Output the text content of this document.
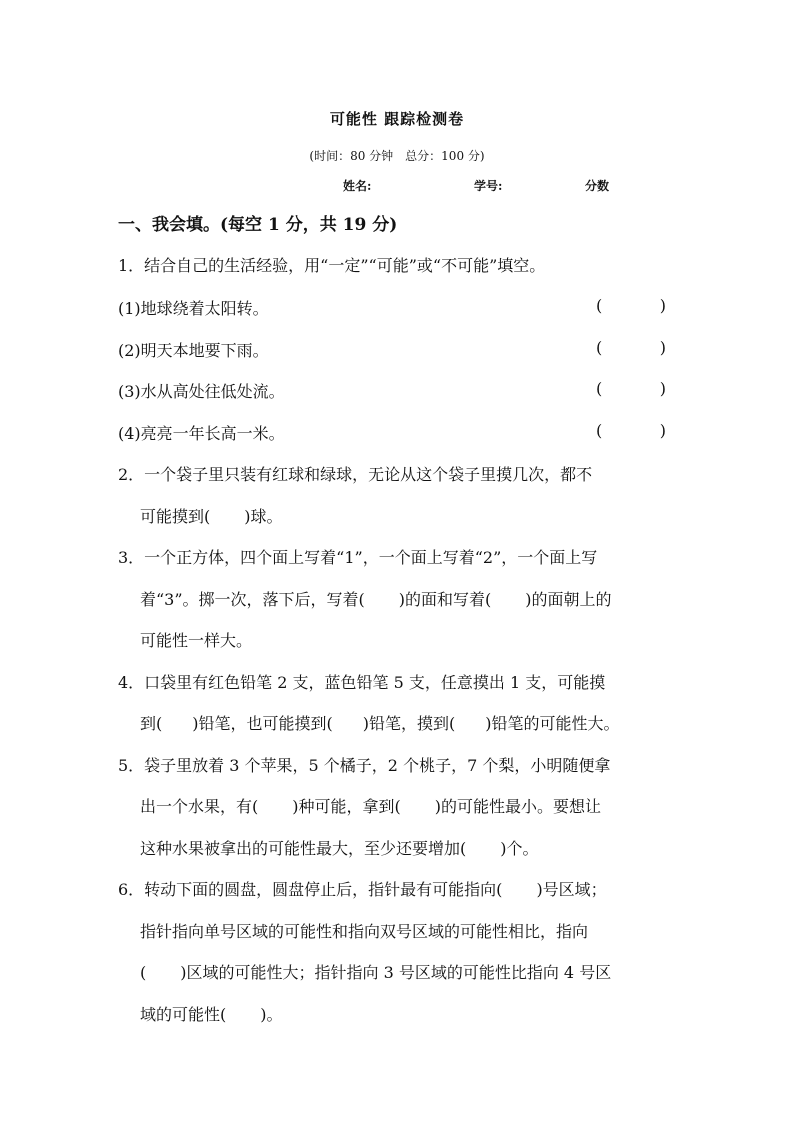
可能性 跟踪检测卷
(时间：80 分钟　总分：100 分)
姓名:	学号:	分数
一、我会填。(每空 1 分，共 19 分)
1．结合自己的生活经验，用“一定”“可能”或“不可能”填空。
(1)地球绕着太阳转。	(	)
(2)明天本地要下雨。	(	)
(3)水从高处往低处流。	(	)
(4)亮亮一年长高一米。	(	)
2．一个袋子里只装有红球和绿球，无论从这个袋子里摸几次，都不
可能摸到( )球。
3．一个正方体，四个面上写着“1”，一个面上写着“2”，一个面上写
着“3”。掷一次，落下后，写着( )的面和写着( )的面朝上的
可能性一样大。
4．口袋里有红色铅笔 2 支，蓝色铅笔 5 支，任意摸出 1 支，可能摸
到( )铅笔，也可能摸到( )铅笔，摸到( )铅笔的可能性大。
5．袋子里放着 3 个苹果，5 个橘子，2 个桃子，7 个梨，小明随便拿
出一个水果，有( )种可能，拿到( )的可能性最小。要想让
这种水果被拿出的可能性最大，至少还要增加( )个。
6．转动下面的圆盘，圆盘停止后，指针最有可能指向( )号区域；
指针指向单号区域的可能性和指向双号区域的可能性相比，指向
( )区域的可能性大；指针指向 3 号区域的可能性比指向 4 号区
域的可能性( )。
